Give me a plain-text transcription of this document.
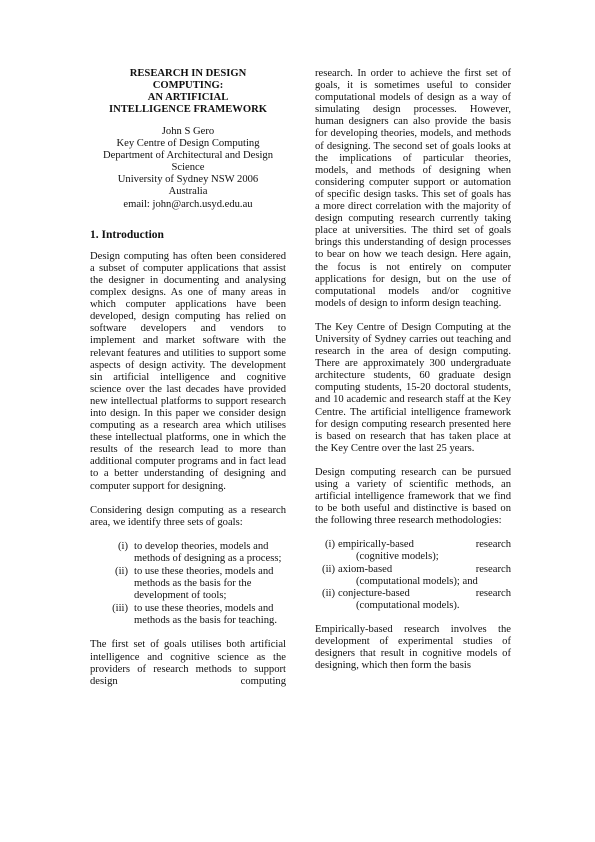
RESEARCH IN DESIGN
COMPUTING:
AN ARTIFICIAL
INTELLIGENCE FRAMEWORK
John S Gero
Key Centre of Design Computing
Department of Architectural and Design
Science
University of Sydney NSW 2006
Australia
email: john@arch.usyd.edu.au
1. Introduction

Design computing has often been considered a subset of computer applications that assist the designer in documenting and analysing complex designs. As one of many areas in which computer applications have been developed, design computing has relied on software developers and vendors to implement and market software with the relevant features and utilities to support some aspects of design activity. The development sin artificial intelligence and cognitive science over the last decades have provided new intellectual platforms to support research into design. In this paper we consider design computing as a research area which utilises these intellectual platforms, one in which the results of the research lead to more than additional computer programs and in fact lead to a better understanding of designing and computer support for designing.

Considering design computing as a research area, we identify three sets of goals:

(i) to develop theories, models and methods of designing as a process;
(ii) to use these theories, models and methods as the basis for the development of tools;
(iii) to use these theories, models and methods as the basis for teaching.

The first set of goals utilises both artificial intelligence and cognitive science as the providers of research methods to support design computing

research. In order to achieve the first set of goals, it is sometimes useful to consider computational models of design as a way of simulating design processes. However, human designers can also provide the basis for developing theories, models, and methods of designing. The second set of goals looks at the implications of particular theories, models, and methods of designing when considering computer support or automation of specific design tasks. This set of goals has a more direct correlation with the majority of design computing research currently taking place at universities. The third set of goals brings this understanding of design processes to bear on how we teach design. Here again, the focus is not entirely on computer applications for design, but on the use of computational models and/or cognitive models of design to inform design teaching.

The Key Centre of Design Computing at the University of Sydney carries out teaching and research in the area of design computing. There are approximately 300 undergraduate architecture students, 60 graduate design computing students, 15-20 doctoral students, and 10 academic and research staff at the Key Centre. The artificial intelligence framework for design computing research presented here is based on research that has taken place at the Key Centre over the last 25 years.

Design computing research can be pursued using a variety of scientific methods, an artificial intelligence framework that we find to be both useful and distinctive is based on the following three research methodologies:

(i) empirically-based	research
(cognitive models);
(ii) axiom-based	research
(computational models); and
(ii) conjecture-based	research
(computational models).

Empirically-based research involves the development of experimental studies of designers that result in cognitive models of designing, which then form the basis
